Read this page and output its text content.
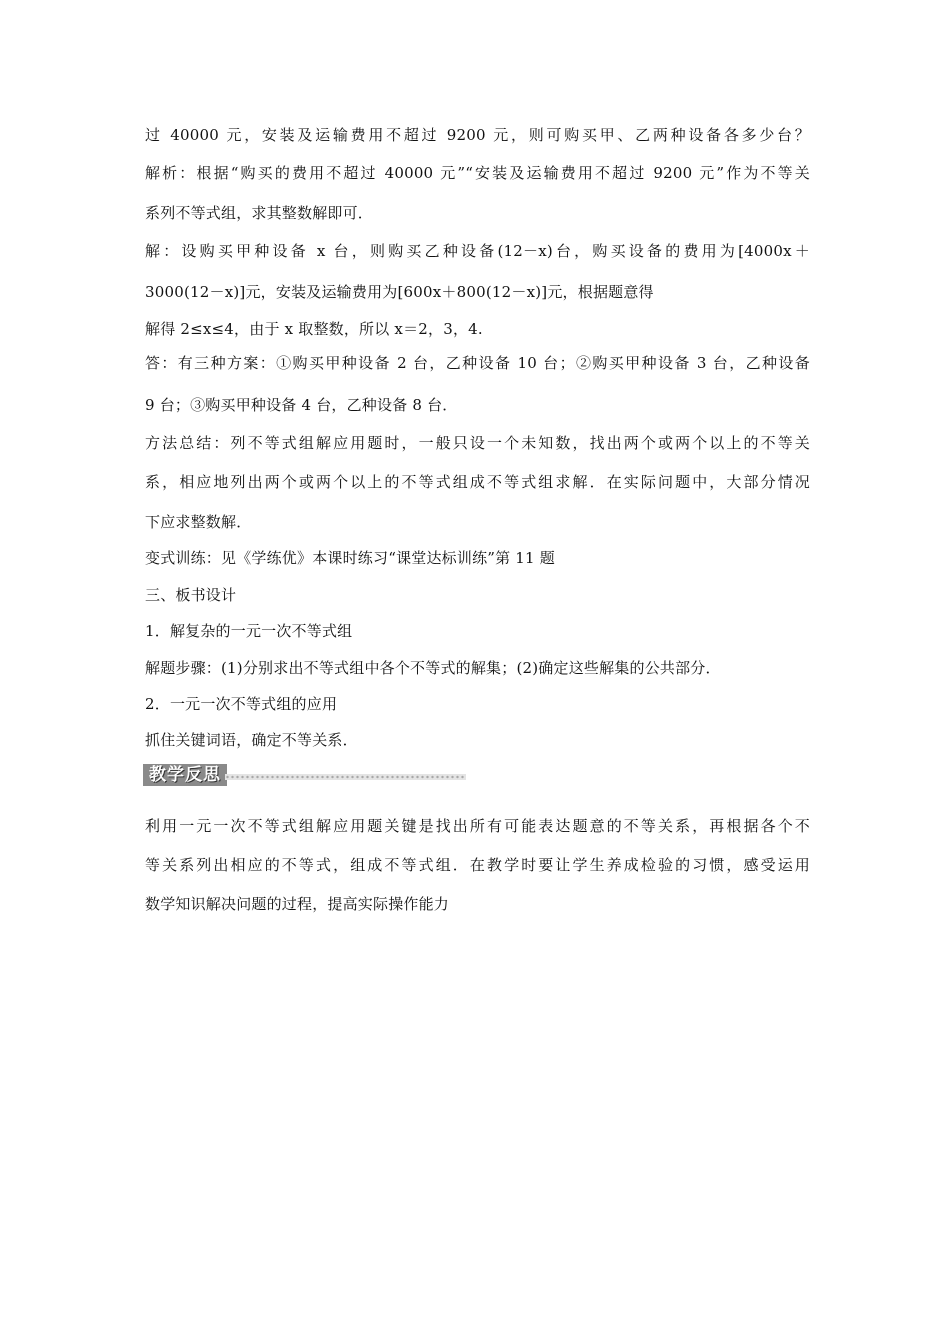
过 40000 元，安装及运输费用不超过 9200 元，则可购买甲、乙两种设备各多少台？
解析：根据“购买的费用不超过 40000 元”“安装及运输费用不超过 9200 元”作为不等关
系列不等式组，求其整数解即可．
解：设购买甲种设备 x 台，则购买乙种设备(12－x)台，购买设备的费用为[4000x＋
3000(12－x)]元，安装及运输费用为[600x＋800(12－x)]元，根据题意得
解得 2≤x≤4，由于 x 取整数，所以 x＝2，3，4.
答：有三种方案：①购买甲种设备 2 台，乙种设备 10 台；②购买甲种设备 3 台，乙种设备
9 台；③购买甲种设备 4 台，乙种设备 8 台．
方法总结：列不等式组解应用题时，一般只设一个未知数，找出两个或两个以上的不等关
系，相应地列出两个或两个以上的不等式组成不等式组求解．在实际问题中，大部分情况
下应求整数解．
变式训练：见《学练优》本课时练习“课堂达标训练”第 11 题
三、板书设计
1．解复杂的一元一次不等式组
解题步骤：(1)分别求出不等式组中各个不等式的解集；(2)确定这些解集的公共部分．
2．一元一次不等式组的应用
抓住关键词语，确定不等关系．
教学反思
利用一元一次不等式组解应用题关键是找出所有可能表达题意的不等关系，再根据各个不
等关系列出相应的不等式，组成不等式组．在教学时要让学生养成检验的习惯，感受运用
数学知识解决问题的过程，提高实际操作能力
